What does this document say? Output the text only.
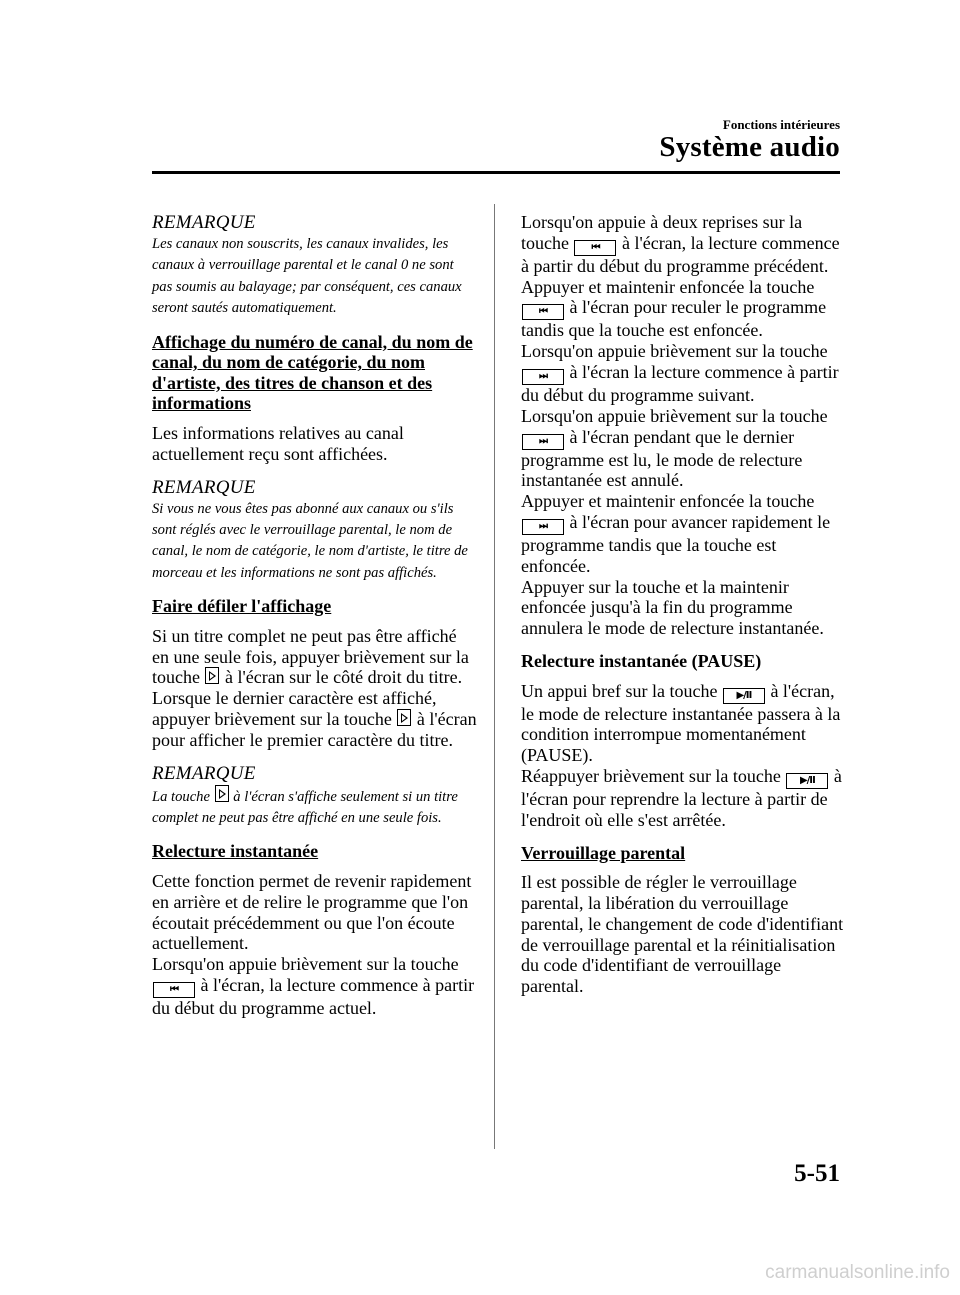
Fonctions intérieures
Système audio

REMARQUE

Les canaux non souscrits, les canaux invalides, les canaux à verrouillage parental et le canal 0 ne sont pas soumis au balayage; par conséquent, ces canaux seront sautés automatiquement.

Affichage du numéro de canal, du nom de canal, du nom de catégorie, du nom d'artiste, des titres de chanson et des informations

Les informations relatives au canal actuellement reçu sont affichées.

REMARQUE

Si vous ne vous êtes pas abonné aux canaux ou s'ils sont réglés avec le verrouillage parental, le nom de canal, le nom de catégorie, le nom d'artiste, le titre de morceau et les informations ne sont pas affichés.

Faire défiler l'affichage

Si un titre complet ne peut pas être affiché en une seule fois, appuyer brièvement sur la touche à l'écran sur le côté droit du titre. Lorsque le dernier caractère est affiché, appuyer brièvement sur la touche à l'écran pour afficher le premier caractère du titre.

REMARQUE

La touche à l'écran s'affiche seulement si un titre complet ne peut pas être affiché en une seule fois.

Relecture instantanée

Cette fonction permet de revenir rapidement en arrière et de relire le programme que l'on écoutait précédemment ou que l'on écoute actuellement.

Lorsqu'on appuie brièvement sur la touche ⏮ à l'écran, la lecture commence à partir du début du programme actuel.

Lorsqu'on appuie à deux reprises sur la touche ⏮ à l'écran, la lecture commence à partir du début du programme précédent.

Appuyer et maintenir enfoncée la touche ⏮ à l'écran pour reculer le programme tandis que la touche est enfoncée.

Lorsqu'on appuie brièvement sur la touche ⏭ à l'écran la lecture commence à partir du début du programme suivant.

Lorsqu'on appuie brièvement sur la touche ⏭ à l'écran pendant que le dernier programme est lu, le mode de relecture instantanée est annulé.

Appuyer et maintenir enfoncée la touche ⏭ à l'écran pour avancer rapidement le programme tandis que la touche est enfoncée.

Appuyer sur la touche et la maintenir enfoncée jusqu'à la fin du programme annulera le mode de relecture instantanée.

Relecture instantanée (PAUSE)

Un appui bref sur la touche ▶/Ⅱ à l'écran, le mode de relecture instantanée passera à la condition interrompue momentanément (PAUSE).

Réappuyer brièvement sur la touche ▶/Ⅱ à l'écran pour reprendre la lecture à partir de l'endroit où elle s'est arrêtée.

Verrouillage parental

Il est possible de régler le verrouillage parental, la libération du verrouillage parental, le changement de code d'identifiant de verrouillage parental et la réinitialisation du code d'identifiant de verrouillage parental.

5-51
carmanualsonline.info
